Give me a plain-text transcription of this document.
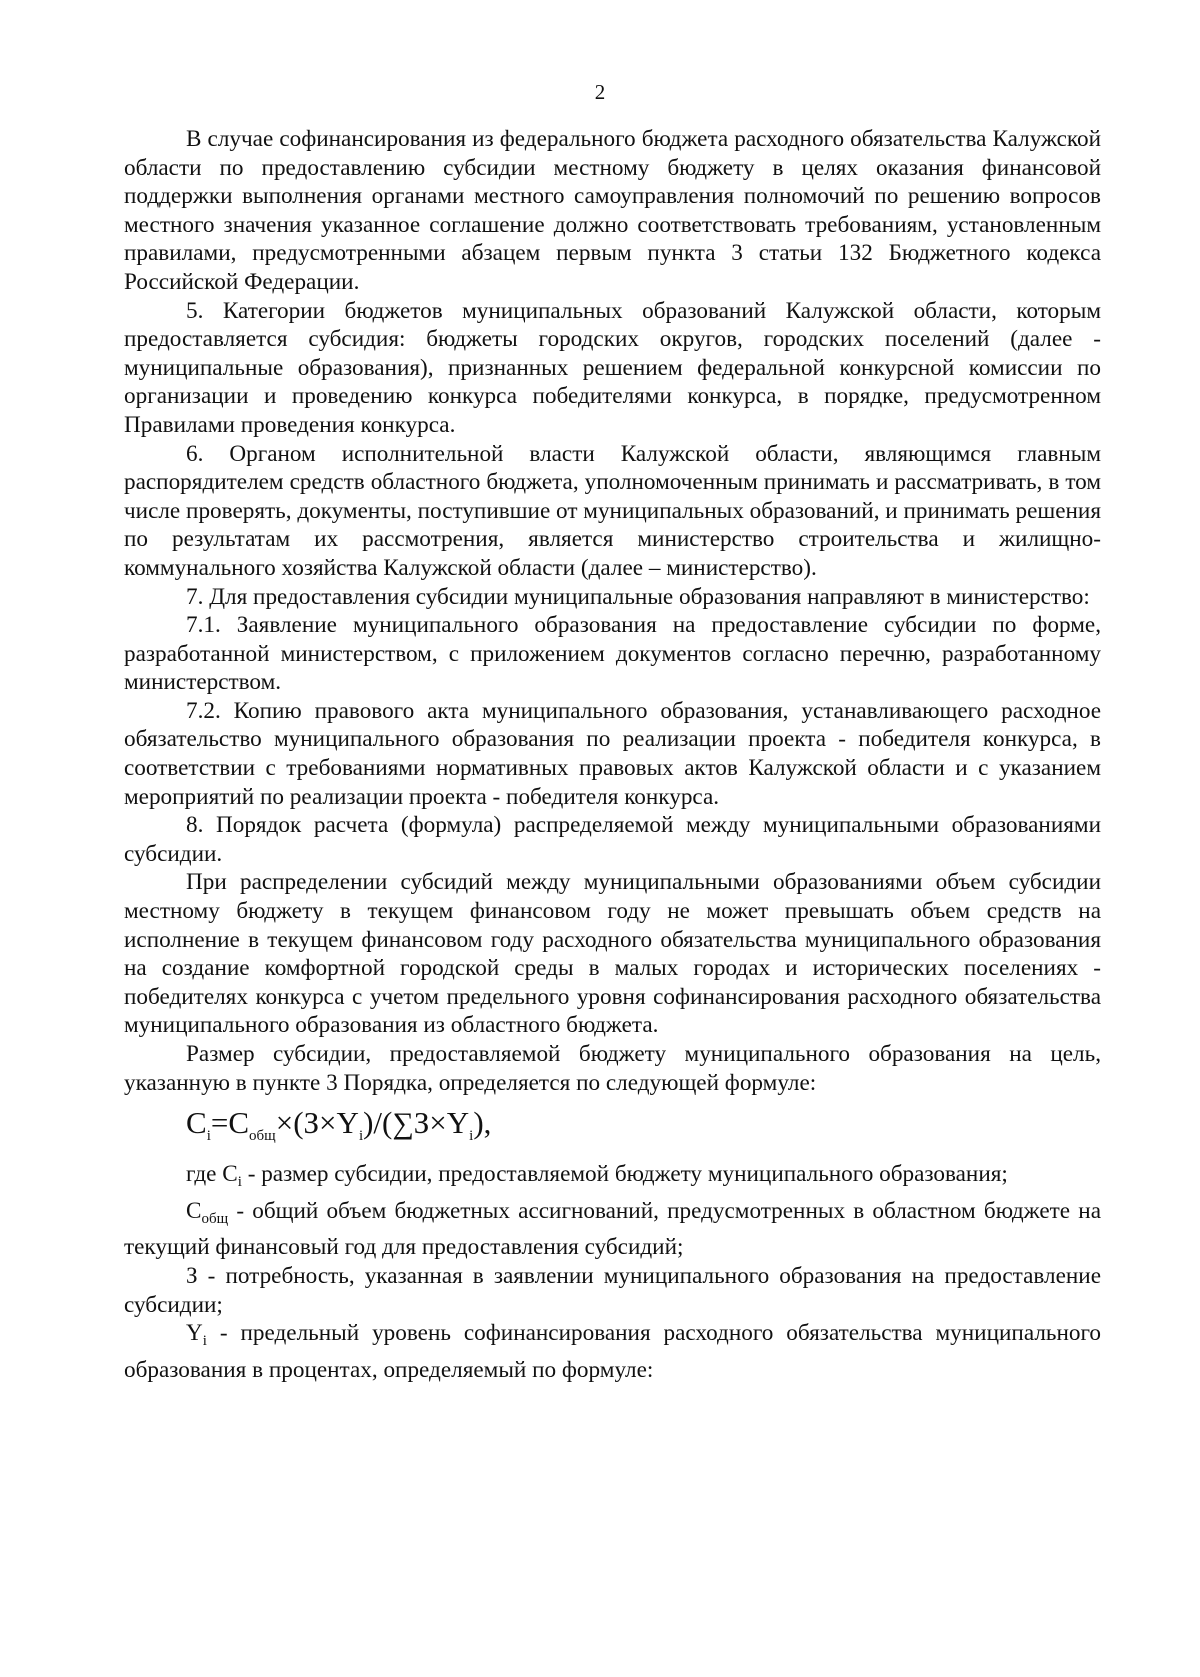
2

В случае софинансирования из федерального бюджета расходного обязательства Калужской области по предоставлению субсидии местному бюджету в целях оказания финансовой поддержки выполнения органами местного самоуправления полномочий по решению вопросов местного значения указанное соглашение должно соответствовать требованиям, установленным правилами, предусмотренными абзацем первым пункта 3 статьи 132 Бюджетного кодекса Российской Федерации.

5. Категории бюджетов муниципальных образований Калужской области, которым предоставляется субсидия: бюджеты городских округов, городских поселений (далее - муниципальные образования), признанных решением федеральной конкурсной комиссии по организации и проведению конкурса победителями конкурса, в порядке, предусмотренном Правилами проведения конкурса.

6. Органом исполнительной власти Калужской области, являющимся главным распорядителем средств областного бюджета, уполномоченным принимать и рассматривать, в том числе проверять, документы, поступившие от муниципальных образований, и принимать решения по результатам их рассмотрения, является министерство строительства и жилищно-коммунального хозяйства Калужской области (далее – министерство).

7. Для предоставления субсидии муниципальные образования направляют в министерство:

7.1. Заявление муниципального образования на предоставление субсидии по форме, разработанной министерством, с приложением документов согласно перечню, разработанному министерством.

7.2. Копию правового акта муниципального образования, устанавливающего расходное обязательство муниципального образования по реализации проекта - победителя конкурса, в соответствии с требованиями нормативных правовых актов Калужской области и с указанием мероприятий по реализации проекта - победителя конкурса.

8. Порядок расчета (формула) распределяемой между муниципальными образованиями субсидии.

При распределении субсидий между муниципальными образованиями объем субсидии местному бюджету в текущем финансовом году не может превышать объем средств на исполнение в текущем финансовом году расходного обязательства муниципального образования на создание комфортной городской среды в малых городах и исторических поселениях - победителях конкурса с учетом предельного уровня софинансирования расходного обязательства муниципального образования из областного бюджета.

Размер субсидии, предоставляемой бюджету муниципального образования на цель, указанную в пункте 3 Порядка, определяется по следующей формуле:

$C_i=C_{общ}\times(З\times Y_i)/(\sum З\times Y_i)$,

где $C_i$ - размер субсидии, предоставляемой бюджету муниципального образования;

$C_{общ}$ - общий объем бюджетных ассигнований, предусмотренных в областном бюджете на текущий финансовый год для предоставления субсидий;

З - потребность, указанная в заявлении муниципального образования на предоставление субсидии;

$Y_i$ - предельный уровень софинансирования расходного обязательства муниципального образования в процентах, определяемый по формуле:
